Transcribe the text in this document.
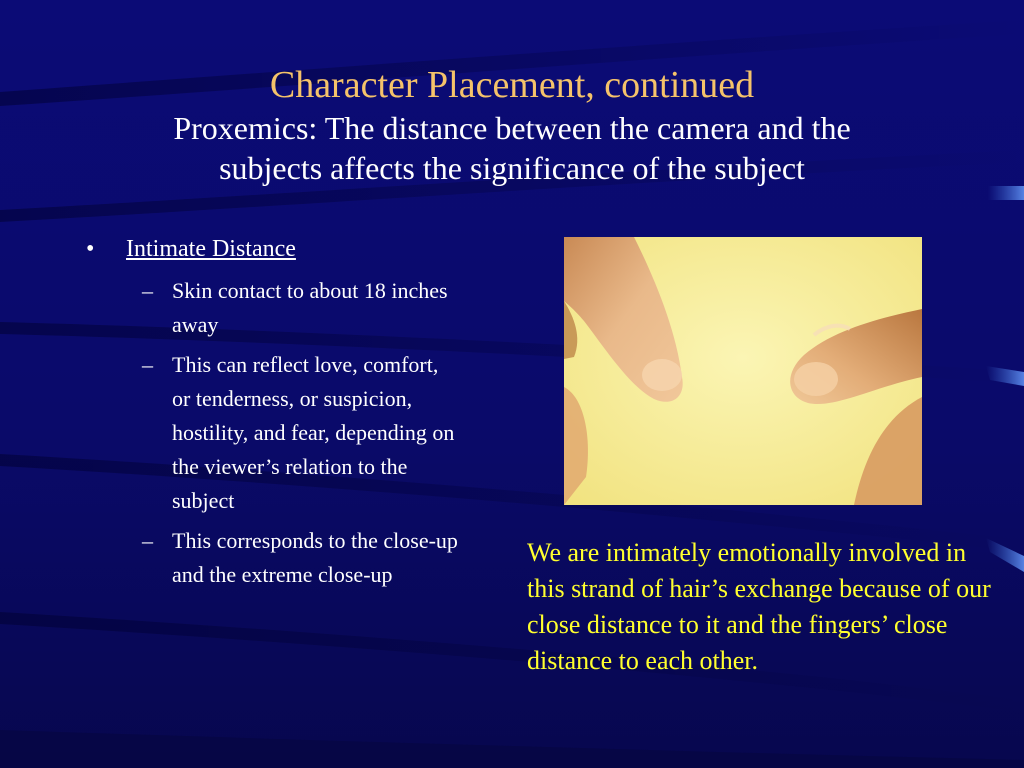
Character Placement, continued

Proxemics: The distance between the camera and the

subjects affects the significance of the subject

• Intimate Distance
– Skin contact to about 18 inches away
– This can reflect love, comfort, or tenderness, or suspicion, hostility, and fear, depending on the viewer’s relation to the subject
– This corresponds to the close-up and the extreme close-up

We are intimately emotionally involved in this strand of hair’s exchange because of our close distance to it and the fingers’ close distance to each other.
